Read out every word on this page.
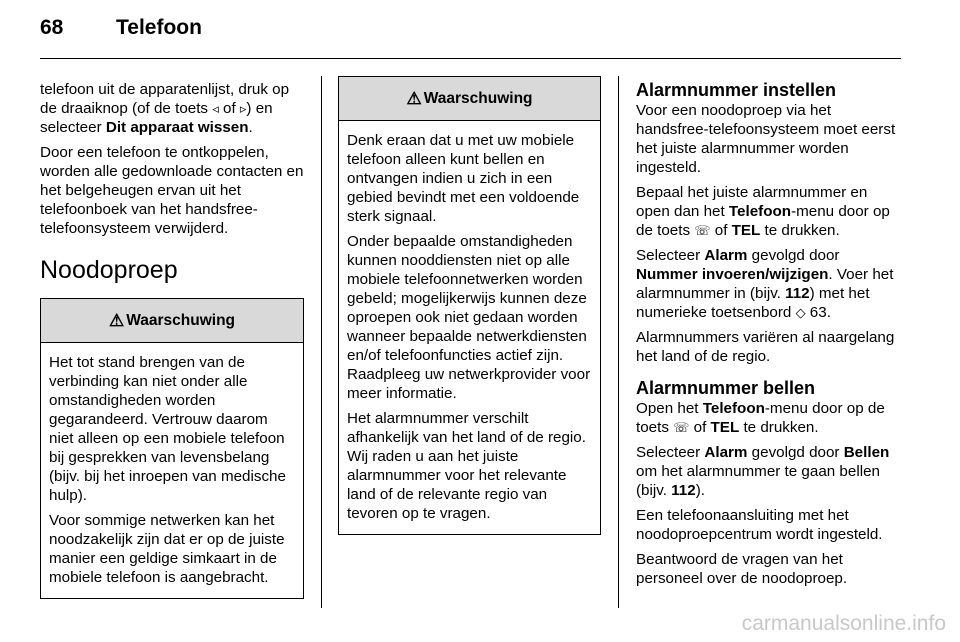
68	Telefoon

telefoon uit de apparatenlijst, druk op de draaiknop (of de toets ◃ of ▹) en selecteer Dit apparaat wissen.

Door een telefoon te ontkoppelen, worden alle gedownloade contacten en het belgeheugen ervan uit het telefoonboek van het handsfree-telefoonsysteem verwijderd.

Noodoproep
⚠ Waarschuwing

Het tot stand brengen van de verbinding kan niet onder alle omstandigheden worden gegarandeerd. Vertrouw daarom niet alleen op een mobiele telefoon bij gesprekken van levensbelang (bijv. bij het inroepen van medische hulp).

Voor sommige netwerken kan het noodzakelijk zijn dat er op de juiste manier een geldige simkaart in de mobiele telefoon is aangebracht.

⚠ Waarschuwing

Denk eraan dat u met uw mobiele telefoon alleen kunt bellen en ontvangen indien u zich in een gebied bevindt met een voldoende sterk signaal.

Onder bepaalde omstandigheden kunnen nooddiensten niet op alle mobiele telefoonnetwerken worden gebeld; mogelijkerwijs kunnen deze oproepen ook niet gedaan worden wanneer bepaalde netwerkdiensten en/of telefoonfuncties actief zijn. Raadpleeg uw netwerkprovider voor meer informatie.

Het alarmnummer verschilt afhankelijk van het land of de regio. Wij raden u aan het juiste alarmnummer voor het relevante land of de relevante regio van tevoren op te vragen.

Alarmnummer instellen

Voor een noodoproep via het handsfree-telefoonsysteem moet eerst het juiste alarmnummer worden ingesteld.

Bepaal het juiste alarmnummer en open dan het Telefoon-menu door op de toets ☏ of TEL te drukken.

Selecteer Alarm gevolgd door Nummer invoeren/wijzigen. Voer het alarmnummer in (bijv. 112) met het numerieke toetsenbord ◇ 63.

Alarmnummers variëren al naargelang het land of de regio.

Alarmnummer bellen

Open het Telefoon-menu door op de toets ☏ of TEL te drukken.

Selecteer Alarm gevolgd door Bellen om het alarmnummer te gaan bellen (bijv. 112).

Een telefoonaansluiting met het noodoproepcentrum wordt ingesteld.

Beantwoord de vragen van het personeel over de noodoproep.

carmanualsonline.info
